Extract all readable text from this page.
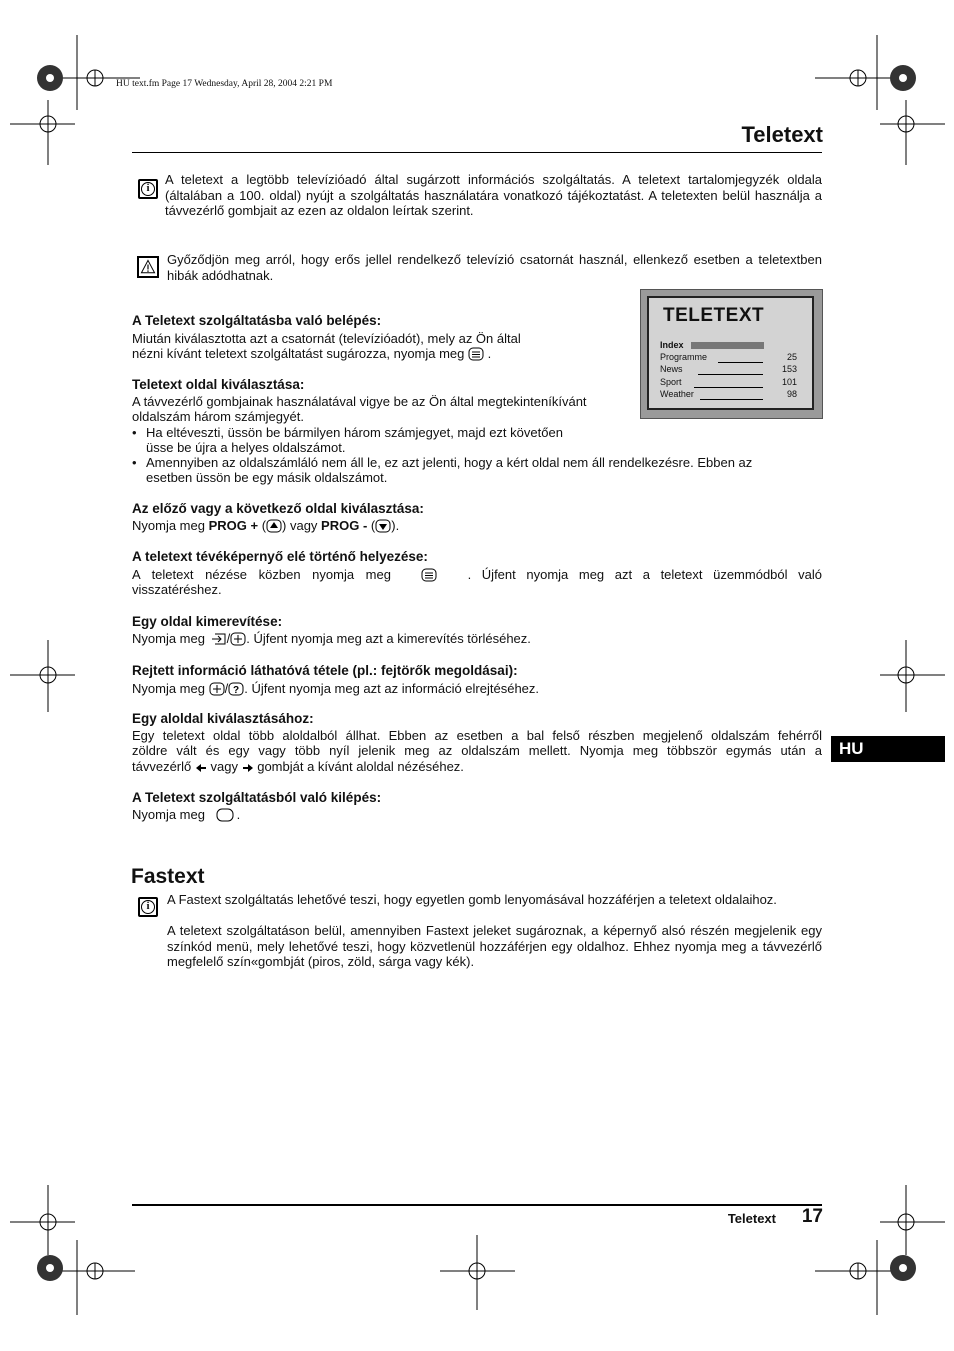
HU text.fm Page 17 Wednesday, April 28, 2004 2:21 PM
Teletext
i
A teletext a legtöbb televízióadó által sugárzott információs szolgáltatás. A teletext tartalomjegyzék oldala (általában a 100. oldal) nyújt a szolgáltatás használatára vonatkozó tájékoztatást. A teletexten belül használja a távvezérlő gombjait az ezen az oldalon leírtak szerint.
Győződjön meg arról, hogy erős jellel rendelkező televízió csatornát használ, ellenkező esetben a teletextben hibák adódhatnak.
TELETEXT
Index
Programme	25
News	153
Sport	101
Weather	98
A Teletext szolgáltatásba való belépés:
Miután kiválasztotta azt a csatornát (televízióadót), mely az Ön által
nézni kívánt teletext szolgáltatást sugározza, nyomja meg .
Teletext oldal kiválasztása:
A távvezérlő gombjainak használatával vigye be az Ön által megtekinteníkívánt
oldalszám három számjegyét.
• Ha eltéveszti, üssön be bármilyen három számjegyet, majd ezt követően
üsse be újra a helyes oldalszámot.
• Amennyiben az oldalszámláló nem áll le, ez azt jelenti, hogy a kért oldal nem áll rendelkezésre. Ebben az
esetben üssön be egy másik oldalszámot.
Az előző vagy a következő oldal kiválasztása:
Nyomja meg PROG + ( ) vagy PROG - ( ).
A teletext tévéképernyő elé történő helyezése:
A teletext nézése közben nyomja meg	. Újfent nyomja meg azt a teletext üzemmódból való
visszatéréshez.
Egy oldal kimerevítése:
Nyomja meg / . Újfent nyomja meg azt a kimerevítés törléséhez.
Rejtett információ láthatóvá tétele (pl.: fejtörők megoldásai):
Nyomja meg / ? . Újfent nyomja meg azt az információ elrejtéséhez.
Egy aloldal kiválasztásához:
Egy teletext oldal több aloldalból állhat. Ebben az esetben a bal felső részben megjelenő oldalszám fehérről
zöldre vált és egy vagy több nyíl jelenik meg az oldalszám mellett. Nyomja meg többször egymás után a
távvezérlő vagy gombját a kívánt aloldal nézéséhez.
A Teletext szolgáltatásból való kilépés:
Nyomja meg .
Fastext
i	A Fastext szolgáltatás lehetővé teszi, hogy egyetlen gomb lenyomásával hozzáférjen a teletext oldalaihoz.
A teletext szolgáltatáson belül, amennyiben Fastext jeleket sugároznak, a képernyő alsó részén megjelenik egy színkód menü, mely lehetővé teszi, hogy közvetlenül hozzáférjen egy oldalhoz. Ehhez nyomja meg a távvezérlő megfelelő szín«gombját (piros, zöld, sárga vagy kék).
HU
Teletext 17
